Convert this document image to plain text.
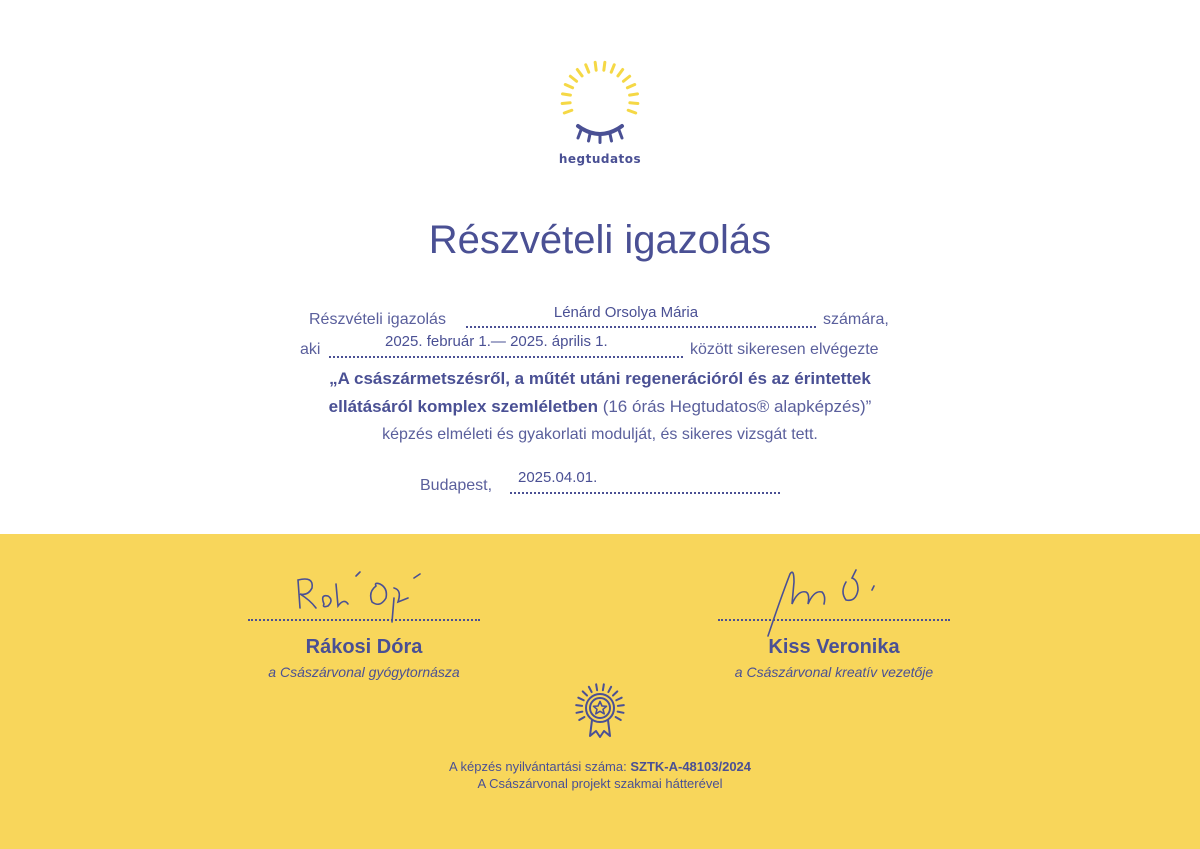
hegtudatos
Részvételi igazolás
Részvételi igazolás	Lénárd Orsolya Mária	számára,
aki	2025. február 1.— 2025. április 1.	között sikeresen elvégezte
„A császármetszésről, a műtét utáni regenerációról és az érintettek
ellátásáról komplex szemléletben (16 órás Hegtudatos® alapképzés)”
képzés elméleti és gyakorlati modulját, és sikeres vizsgát tett.
Budapest, 2025.04.01.
Rákosi Dóra
a Császárvonal gyógytornásza
Kiss Veronika
a Császárvonal kreatív vezetője
A képzés nyilvántartási száma: SZTK-A-48103/2024
A Császárvonal projekt szakmai hátterével
